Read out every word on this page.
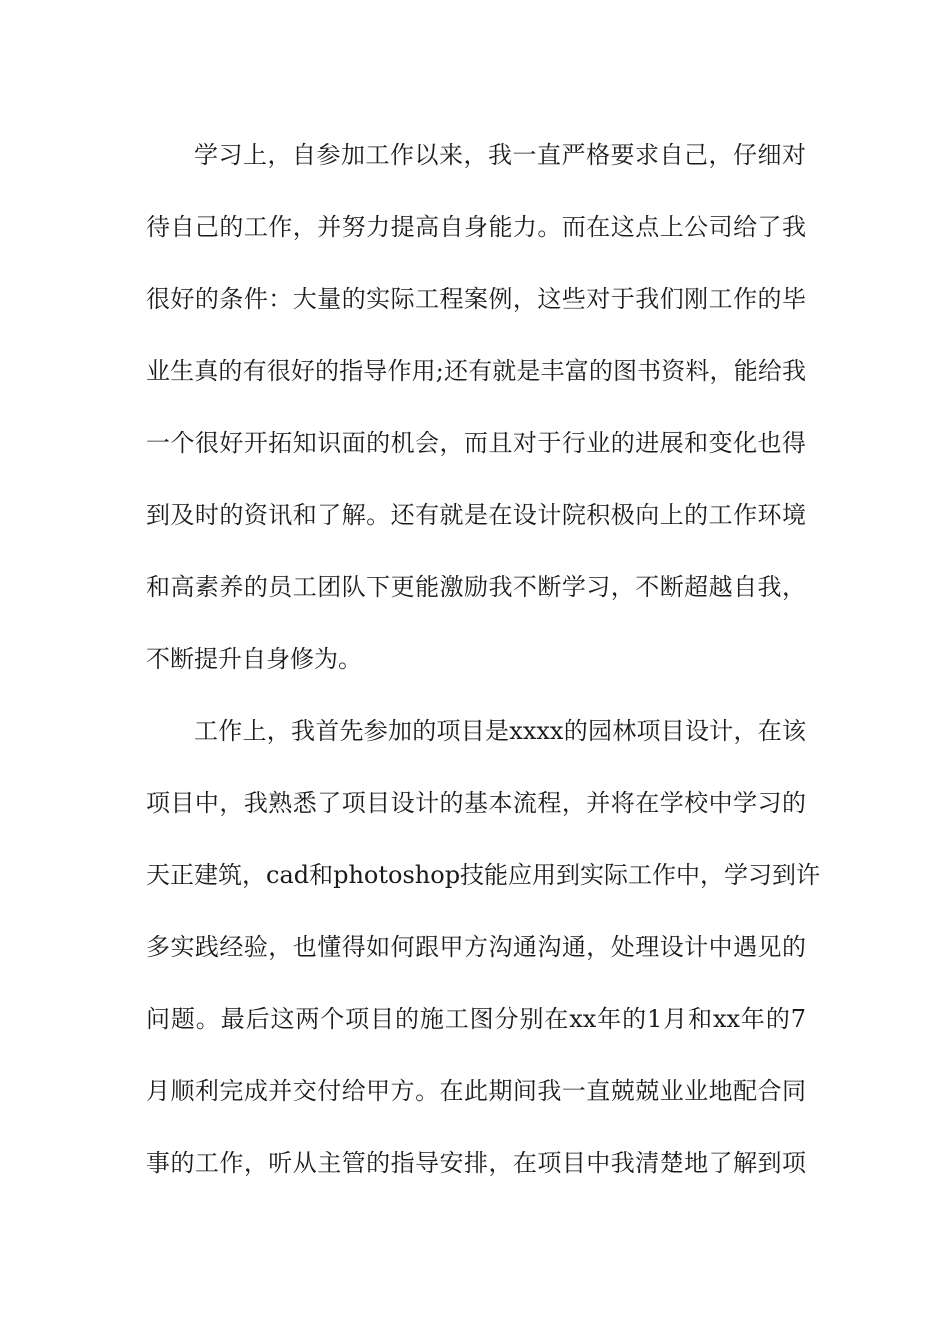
学习上，自参加工作以来，我一直严格要求自己，仔细对
待自己的工作，并努力提高自身能力。而在这点上公司给了我
很好的条件：大量的实际工程案例，这些对于我们刚工作的毕
业生真的有很好的指导作用;还有就是丰富的图书资料，能给我
一个很好开拓知识面的机会，而且对于行业的进展和变化也得
到及时的资讯和了解。还有就是在设计院积极向上的工作环境
和高素养的员工团队下更能激励我不断学习，不断超越自我，
不断提升自身修为。
工作上，我首先参加的项目是xxxx的园林项目设计，在该
项目中，我熟悉了项目设计的基本流程，并将在学校中学习的
天正建筑，cad和photoshop技能应用到实际工作中，学习到许
多实践经验，也懂得如何跟甲方沟通沟通，处理设计中遇见的
问题。最后这两个项目的施工图分别在xx年的1月和xx年的7
月顺利完成并交付给甲方。在此期间我一直兢兢业业地配合同
事的工作，听从主管的指导安排，在项目中我清楚地了解到项
